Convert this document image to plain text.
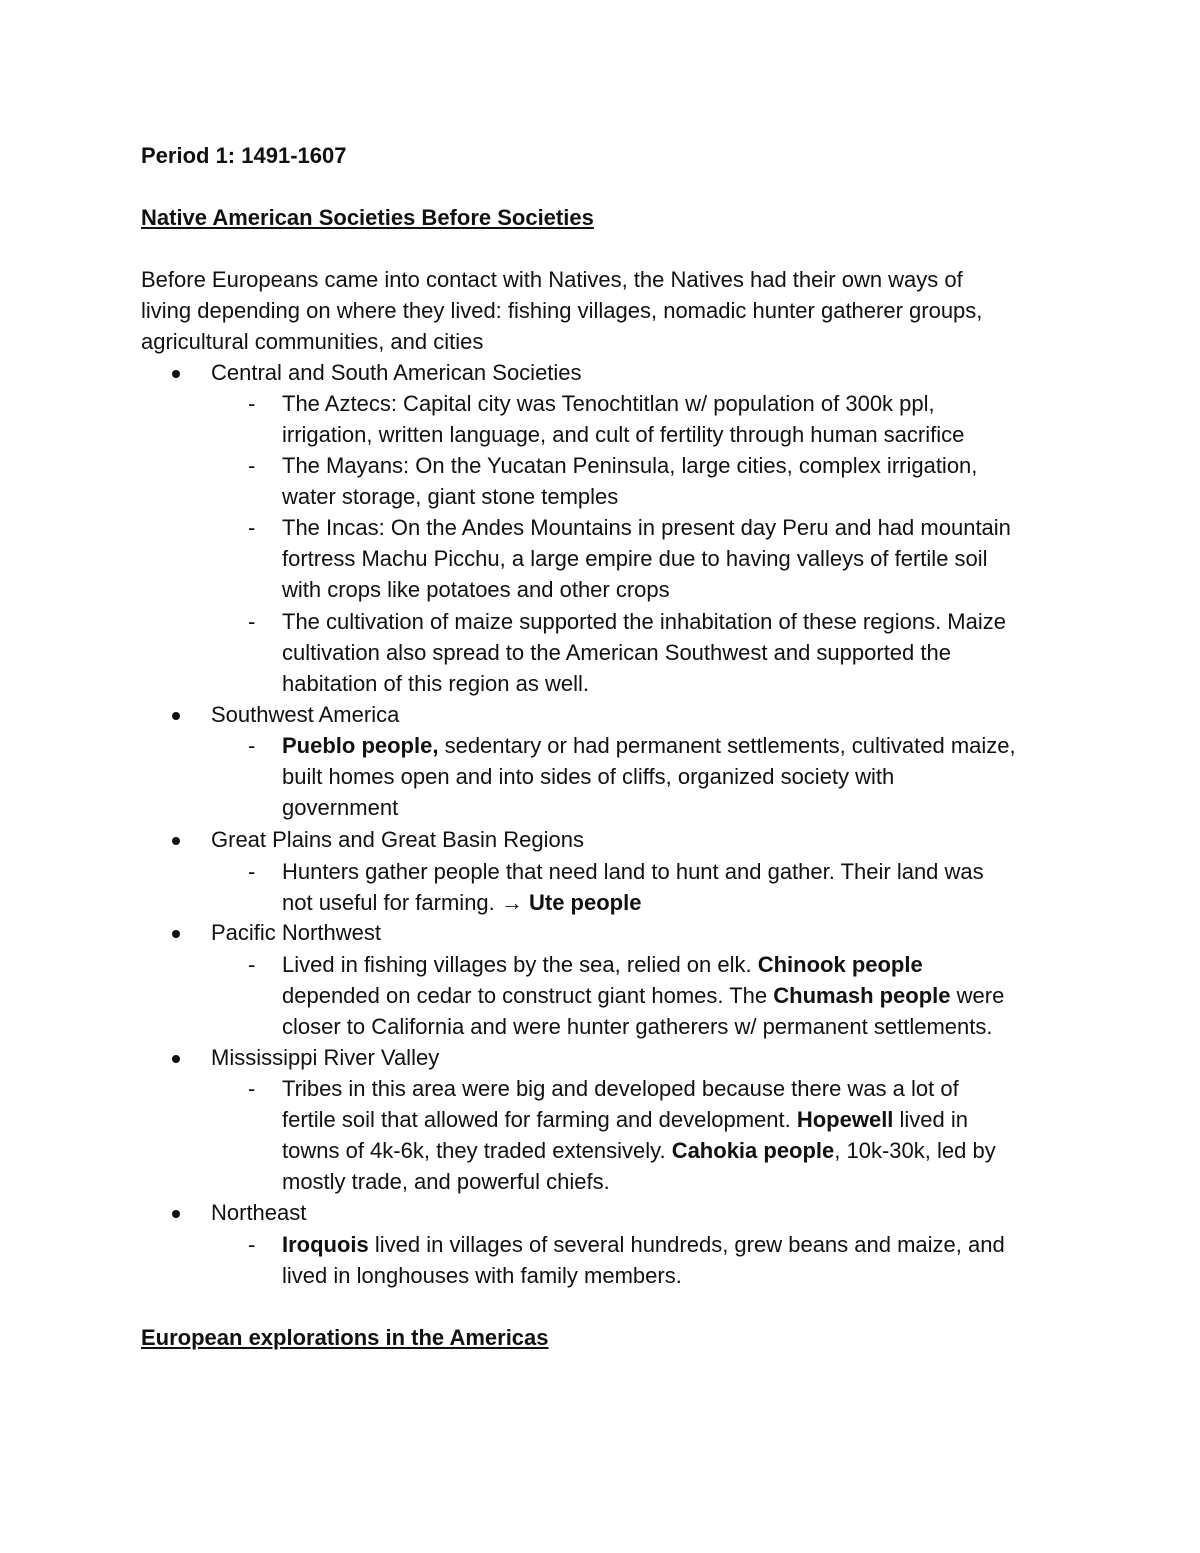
Period 1: 1491-1607
Native American Societies Before Societies
Before Europeans came into contact with Natives, the Natives had their own ways of
living depending on where they lived: fishing villages, nomadic hunter gatherer groups,
agricultural communities, and cities
Central and South American Societies
- The Aztecs: Capital city was Tenochtitlan w/ population of 300k ppl,
irrigation, written language, and cult of fertility through human sacrifice
- The Mayans: On the Yucatan Peninsula, large cities, complex irrigation,
water storage, giant stone temples
- The Incas: On the Andes Mountains in present day Peru and had mountain
fortress Machu Picchu, a large empire due to having valleys of fertile soil
with crops like potatoes and other crops
- The cultivation of maize supported the inhabitation of these regions. Maize
cultivation also spread to the American Southwest and supported the
habitation of this region as well.
Southwest America
- Pueblo people, sedentary or had permanent settlements, cultivated maize,
built homes open and into sides of cliffs, organized society with
government
Great Plains and Great Basin Regions
- Hunters gather people that need land to hunt and gather. Their land was
not useful for farming. → Ute people
Pacific Northwest
- Lived in fishing villages by the sea, relied on elk. Chinook people
depended on cedar to construct giant homes. The Chumash people were
closer to California and were hunter gatherers w/ permanent settlements.
Mississippi River Valley
- Tribes in this area were big and developed because there was a lot of
fertile soil that allowed for farming and development. Hopewell lived in
towns of 4k-6k, they traded extensively. Cahokia people, 10k-30k, led by
mostly trade, and powerful chiefs.
Northeast
- Iroquois lived in villages of several hundreds, grew beans and maize, and
lived in longhouses with family members.
European explorations in the Americas
